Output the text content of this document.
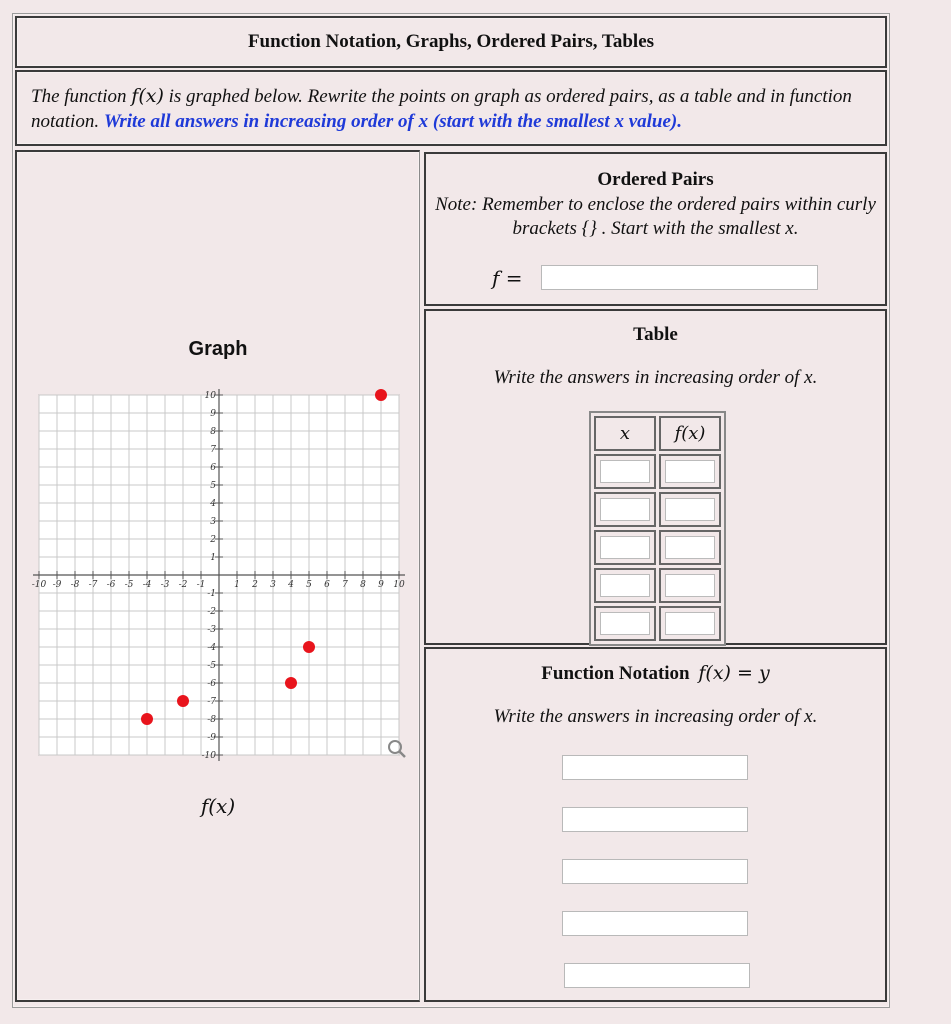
Function Notation, Graphs, Ordered Pairs, Tables
The function f(x) is graphed below. Rewrite the points on graph as ordered pairs, as a table and in function notation. Write all answers in increasing order of x (start with the smallest x value).
Graph
-10 -9 -8 -7 -6 -5 -4 -3 -2 -1	1 2 3 4 5 6 7 8 9 10
10
9
8
7
6
5
4
3
2
1
-1
-2
-3
-4
-5
-6
-7
-8
-9
-10
f(x)
Ordered Pairs
Note: Remember to enclose the ordered pairs within curly brackets {} . Start with the smallest x.
f =
Table
Write the answers in increasing order of x.
x	f(x)

Function Notation f(x) = y
Write the answers in increasing order of x.
